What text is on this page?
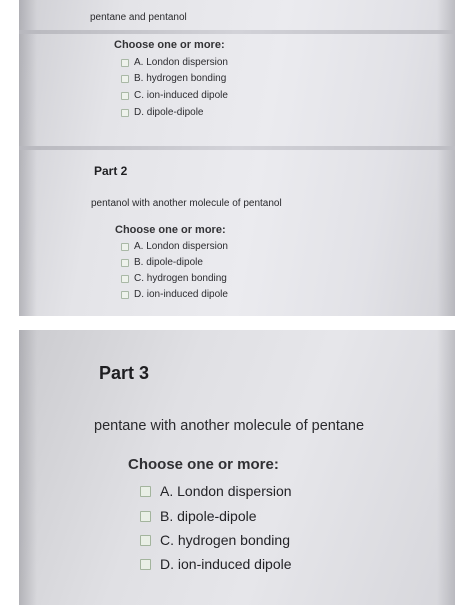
pentane and pentanol
Choose one or more:
A. London dispersion
B. hydrogen bonding
C. ion-induced dipole
D. dipole-dipole
Part 2
pentanol with another molecule of pentanol
Choose one or more:
A. London dispersion
B. dipole-dipole
C. hydrogen bonding
D. ion-induced dipole
Part 3
pentane with another molecule of pentane
Choose one or more:
A. London dispersion
B. dipole-dipole
C. hydrogen bonding
D. ion-induced dipole
